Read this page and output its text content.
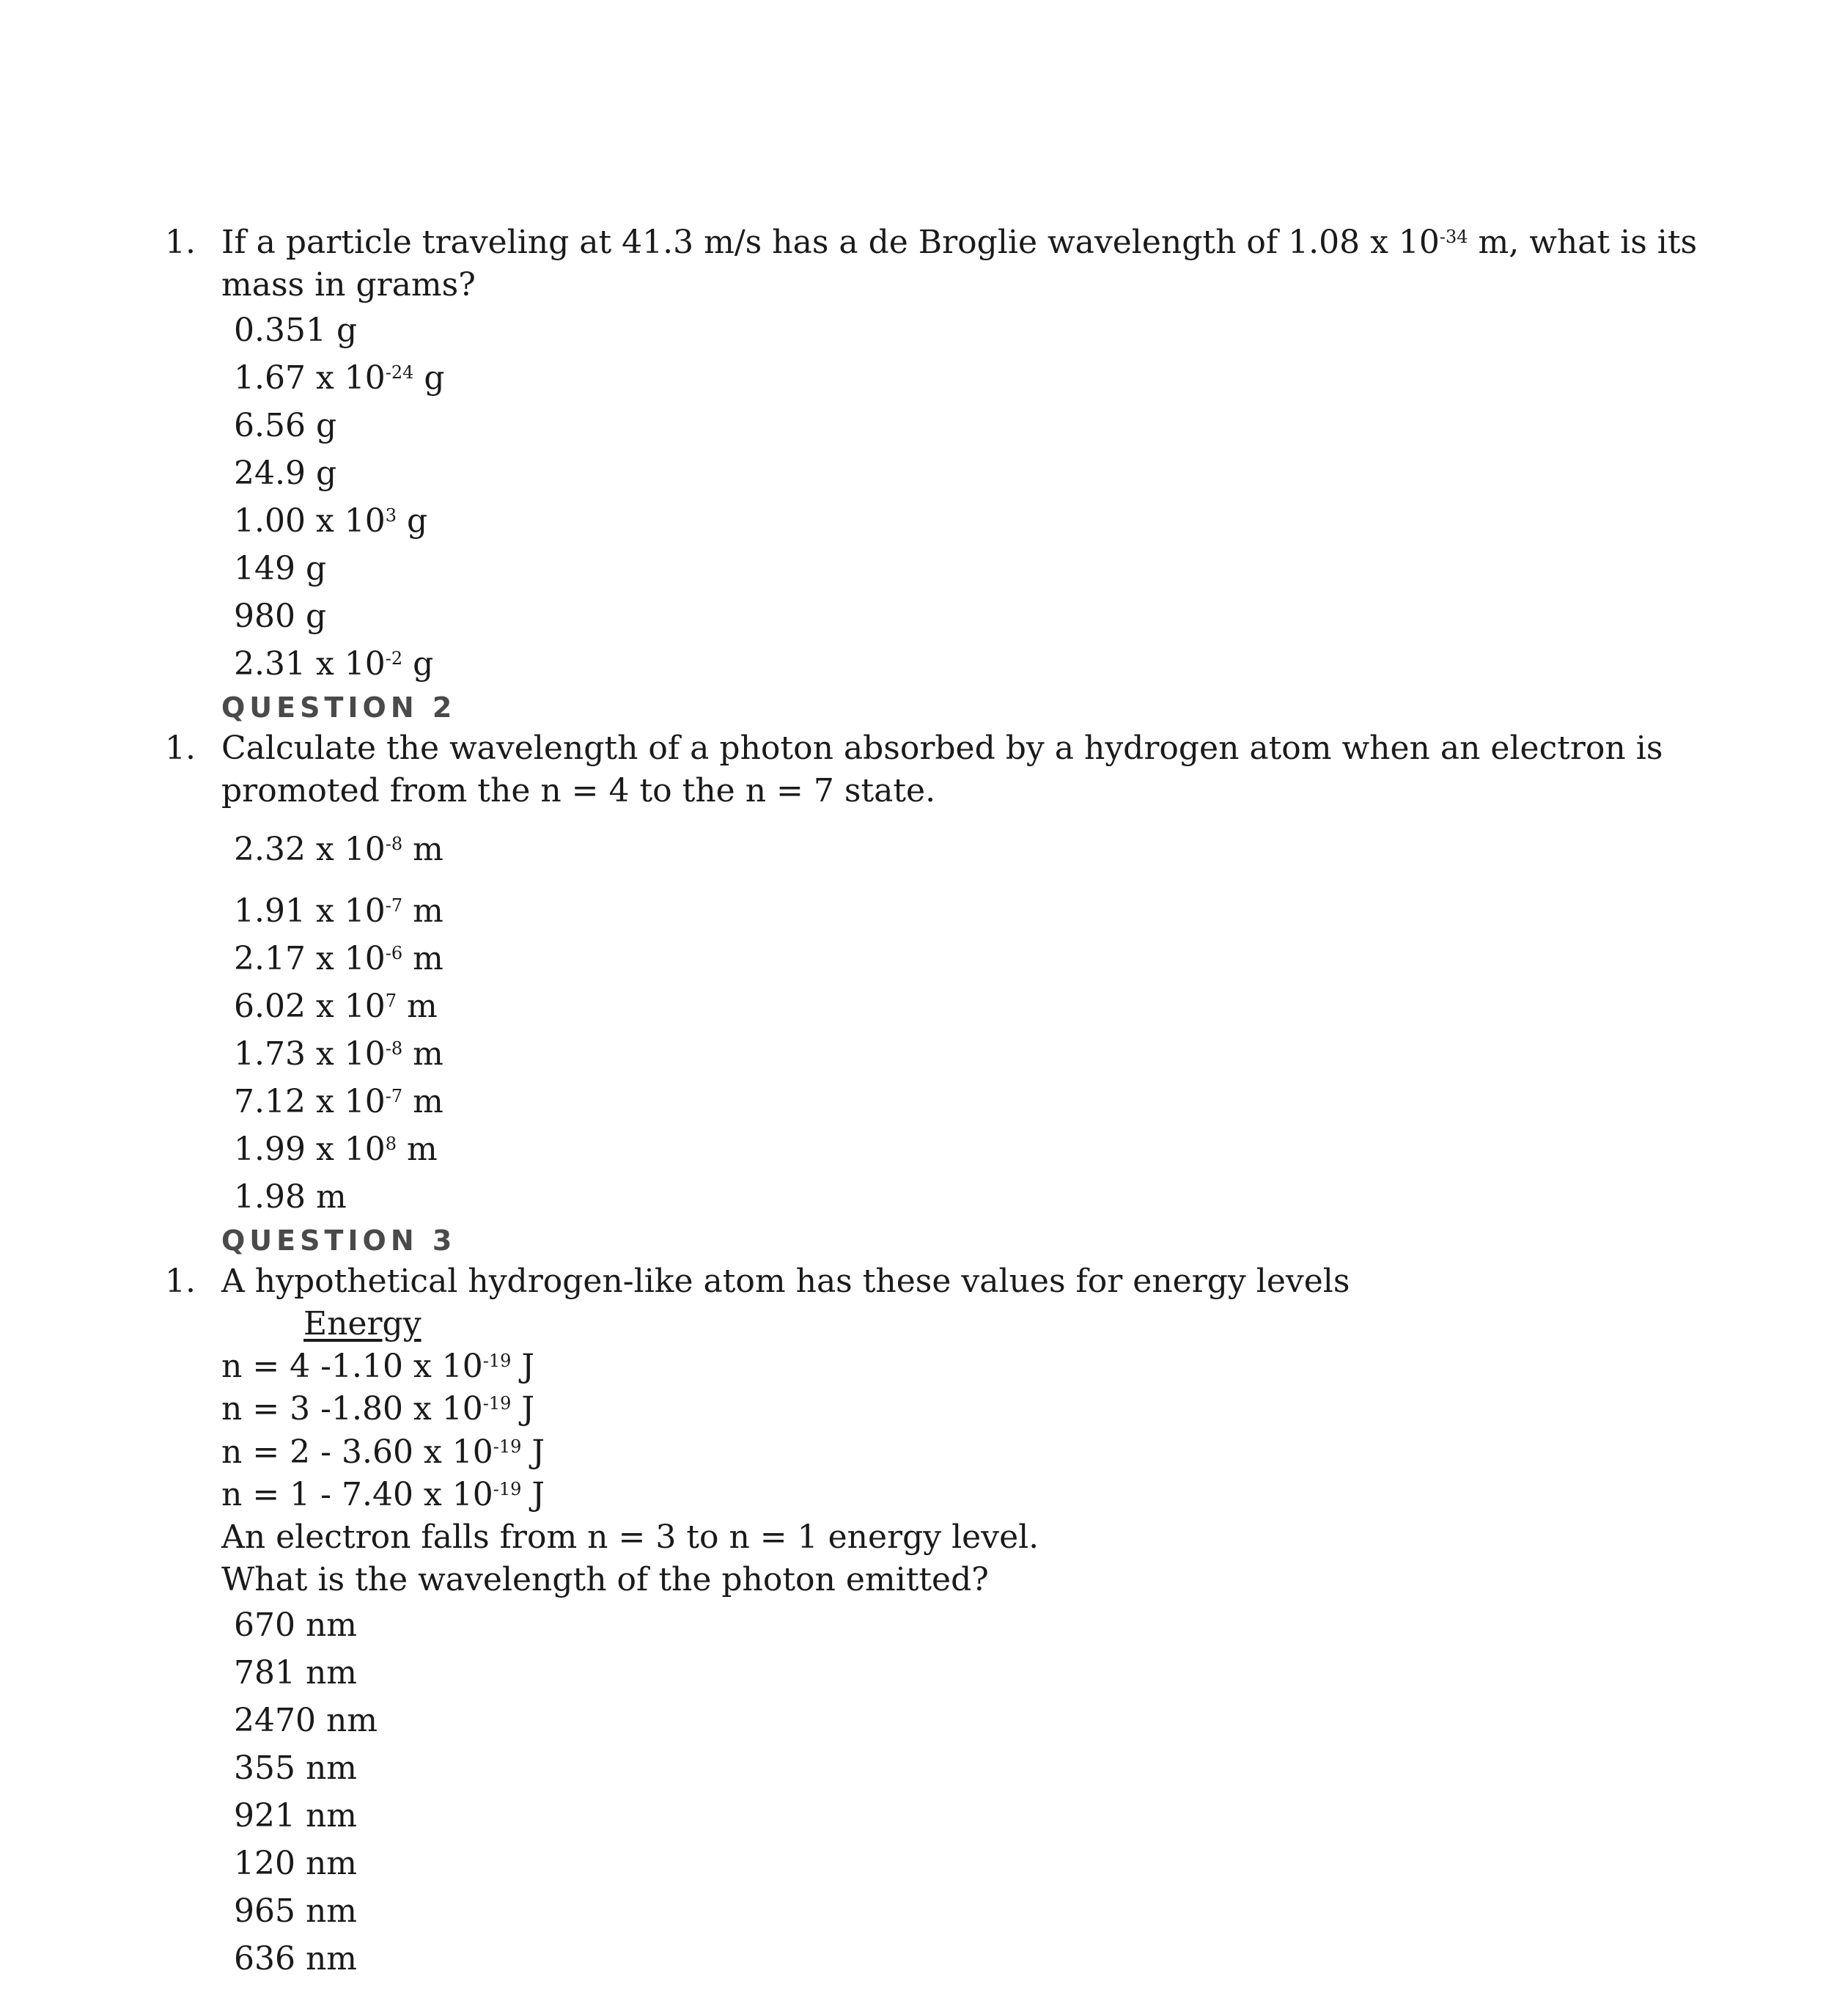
1. If a particle traveling at 41.3 m/s has a de Broglie wavelength of 1.08 x $10^{-34}$ m, what is its
mass in grams?
0.351 g
1.67 x $10^{-24}$ g
6.56 g
24.9 g
1.00 x $10^3$ g
149 g
980 g
2.31 x $10^{-2}$ g
QUESTION 2
1. Calculate the wavelength of a photon absorbed by a hydrogen atom when an electron is
promoted from the n = 4 to the n = 7 state.
2.32 x $10^{-8}$ m
1.91 x $10^{-7}$ m
2.17 x $10^{-6}$ m
6.02 x $10^7$ m
1.73 x $10^{-8}$ m
7.12 x $10^{-7}$ m
1.99 x $10^8$ m
1.98 m
QUESTION 3
1. A hypothetical hydrogen-like atom has these values for energy levels
Energy
n = 4 -1.10 x $10^{-19}$ J
n = 3 -1.80 x $10^{-19}$ J
n = 2 - 3.60 x $10^{-19}$ J
n = 1 - 7.40 x $10^{-19}$ J
An electron falls from n = 3 to n = 1 energy level.
What is the wavelength of the photon emitted?
670 nm
781 nm
2470 nm
355 nm
921 nm
120 nm
965 nm
636 nm
